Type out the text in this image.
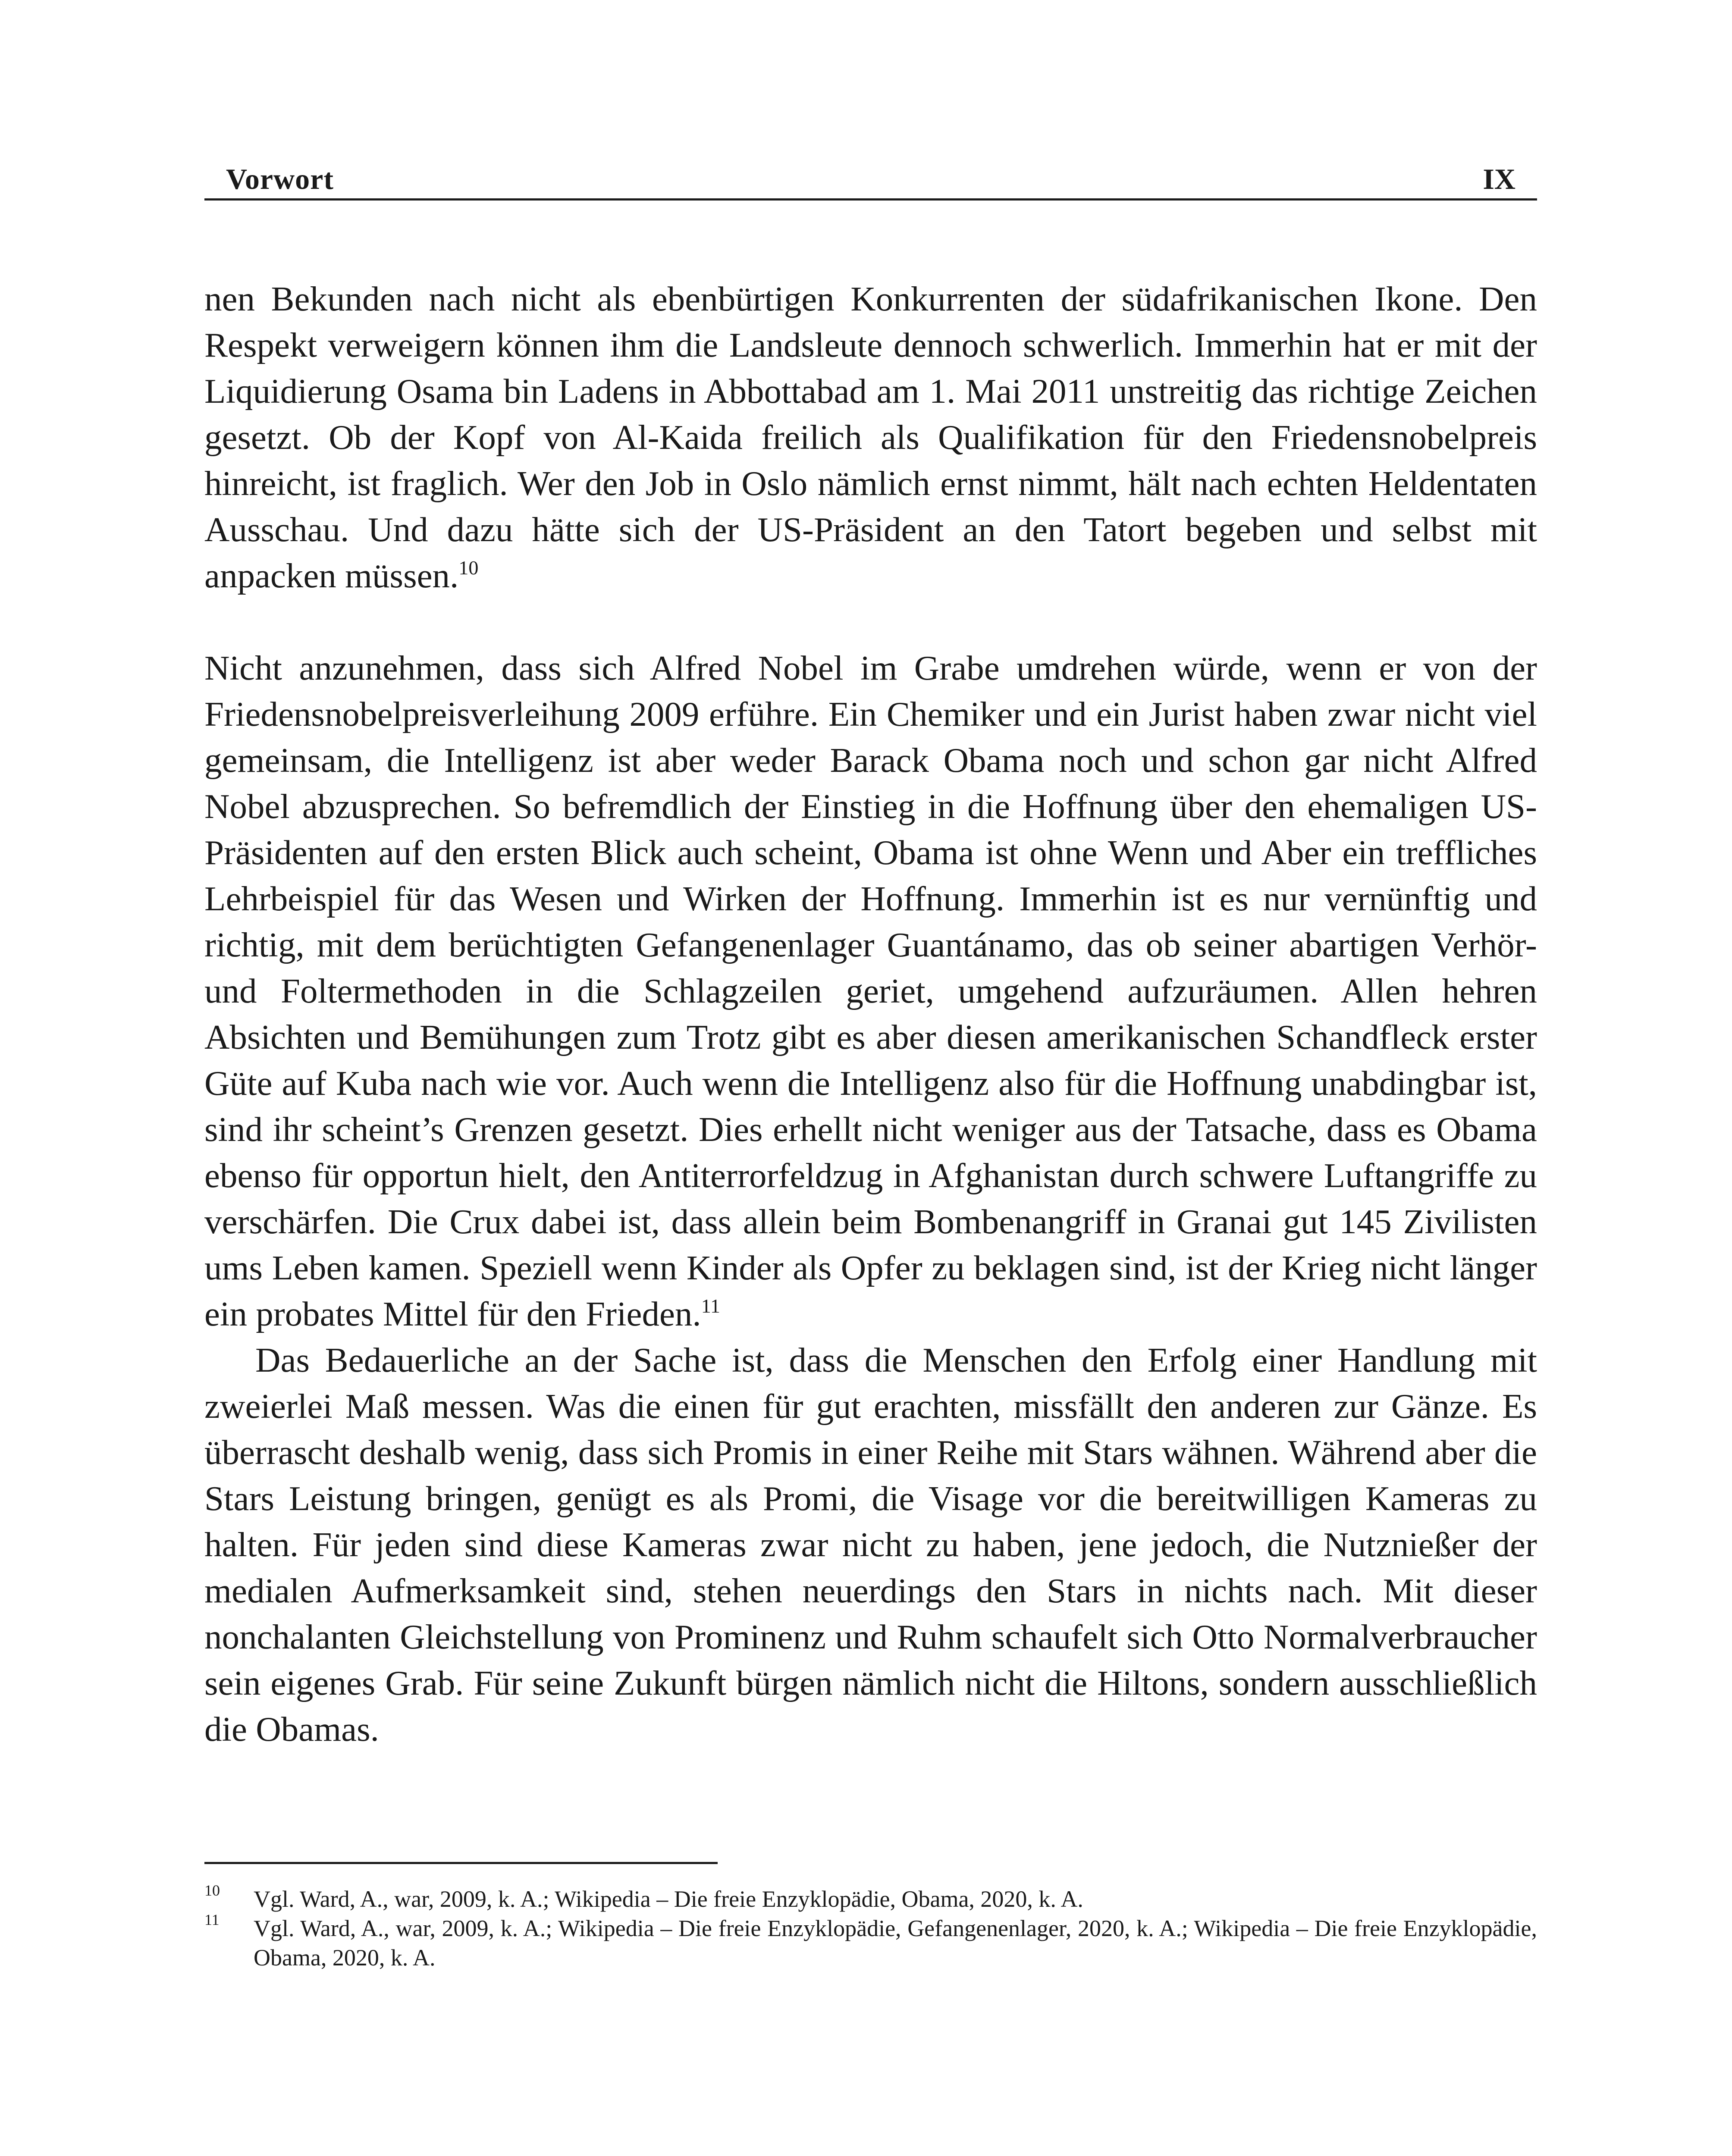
Vorwort	IX

nen Bekunden nach nicht als ebenbürtigen Konkurrenten der südafrikanischen Ikone. Den Respekt verweigern können ihm die Landsleute dennoch schwerlich. Immerhin hat er mit der Liquidierung Osama bin Ladens in Abbottabad am 1. Mai 2011 unstreitig das richtige Zeichen gesetzt. Ob der Kopf von Al-Kaida freilich als Qualifikation für den Friedensnobelpreis hinreicht, ist fraglich. Wer den Job in Oslo nämlich ernst nimmt, hält nach echten Heldentaten Ausschau. Und dazu hätte sich der US-Präsident an den Tatort begeben und selbst mit anpacken müssen.$^{10}$

Nicht anzunehmen, dass sich Alfred Nobel im Grabe umdrehen würde, wenn er von der Friedensnobelpreisverleihung 2009 erführe. Ein Chemiker und ein Jurist haben zwar nicht viel gemeinsam, die Intelligenz ist aber weder Barack Obama noch und schon gar nicht Alfred Nobel abzusprechen. So befremdlich der Einstieg in die Hoffnung über den ehemaligen US-Präsidenten auf den ersten Blick auch scheint, Obama ist ohne Wenn und Aber ein treffliches Lehrbeispiel für das Wesen und Wirken der Hoffnung. Immerhin ist es nur vernünftig und richtig, mit dem berüchtigten Gefangenenlager Guantánamo, das ob seiner abartigen Verhör- und Foltermethoden in die Schlagzeilen geriet, umgehend aufzuräumen. Allen hehren Absichten und Bemühungen zum Trotz gibt es aber diesen amerikanischen Schandfleck erster Güte auf Kuba nach wie vor. Auch wenn die Intelligenz also für die Hoffnung unabdingbar ist, sind ihr scheint’s Grenzen gesetzt. Dies erhellt nicht weniger aus der Tatsache, dass es Obama ebenso für opportun hielt, den Antiterrorfeldzug in Afghanistan durch schwere Luftangriffe zu verschärfen. Die Crux dabei ist, dass allein beim Bombenangriff in Granai gut 145 Zivilisten ums Leben kamen. Speziell wenn Kinder als Opfer zu beklagen sind, ist der Krieg nicht länger ein probates Mittel für den Frieden.$^{11}$

Das Bedauerliche an der Sache ist, dass die Menschen den Erfolg einer Handlung mit zweierlei Maß messen. Was die einen für gut erachten, missfällt den anderen zur Gänze. Es überrascht deshalb wenig, dass sich Promis in einer Reihe mit Stars wähnen. Während aber die Stars Leistung bringen, genügt es als Promi, die Visage vor die bereitwilligen Kameras zu halten. Für jeden sind diese Kameras zwar nicht zu haben, jene jedoch, die Nutznießer der medialen Aufmerksamkeit sind, stehen neuerdings den Stars in nichts nach. Mit dieser nonchalanten Gleichstellung von Prominenz und Ruhm schaufelt sich Otto Normalverbraucher sein eigenes Grab. Für seine Zukunft bürgen nämlich nicht die Hiltons, sondern ausschließlich die Obamas.

10 Vgl. Ward, A., war, 2009, k. A.; Wikipedia – Die freie Enzyklopädie, Obama, 2020, k. A.
11 Vgl. Ward, A., war, 2009, k. A.; Wikipedia – Die freie Enzyklopädie, Gefangenenlager, 2020, k. A.; Wikipedia – Die freie Enzyklopädie, Obama, 2020, k. A.
